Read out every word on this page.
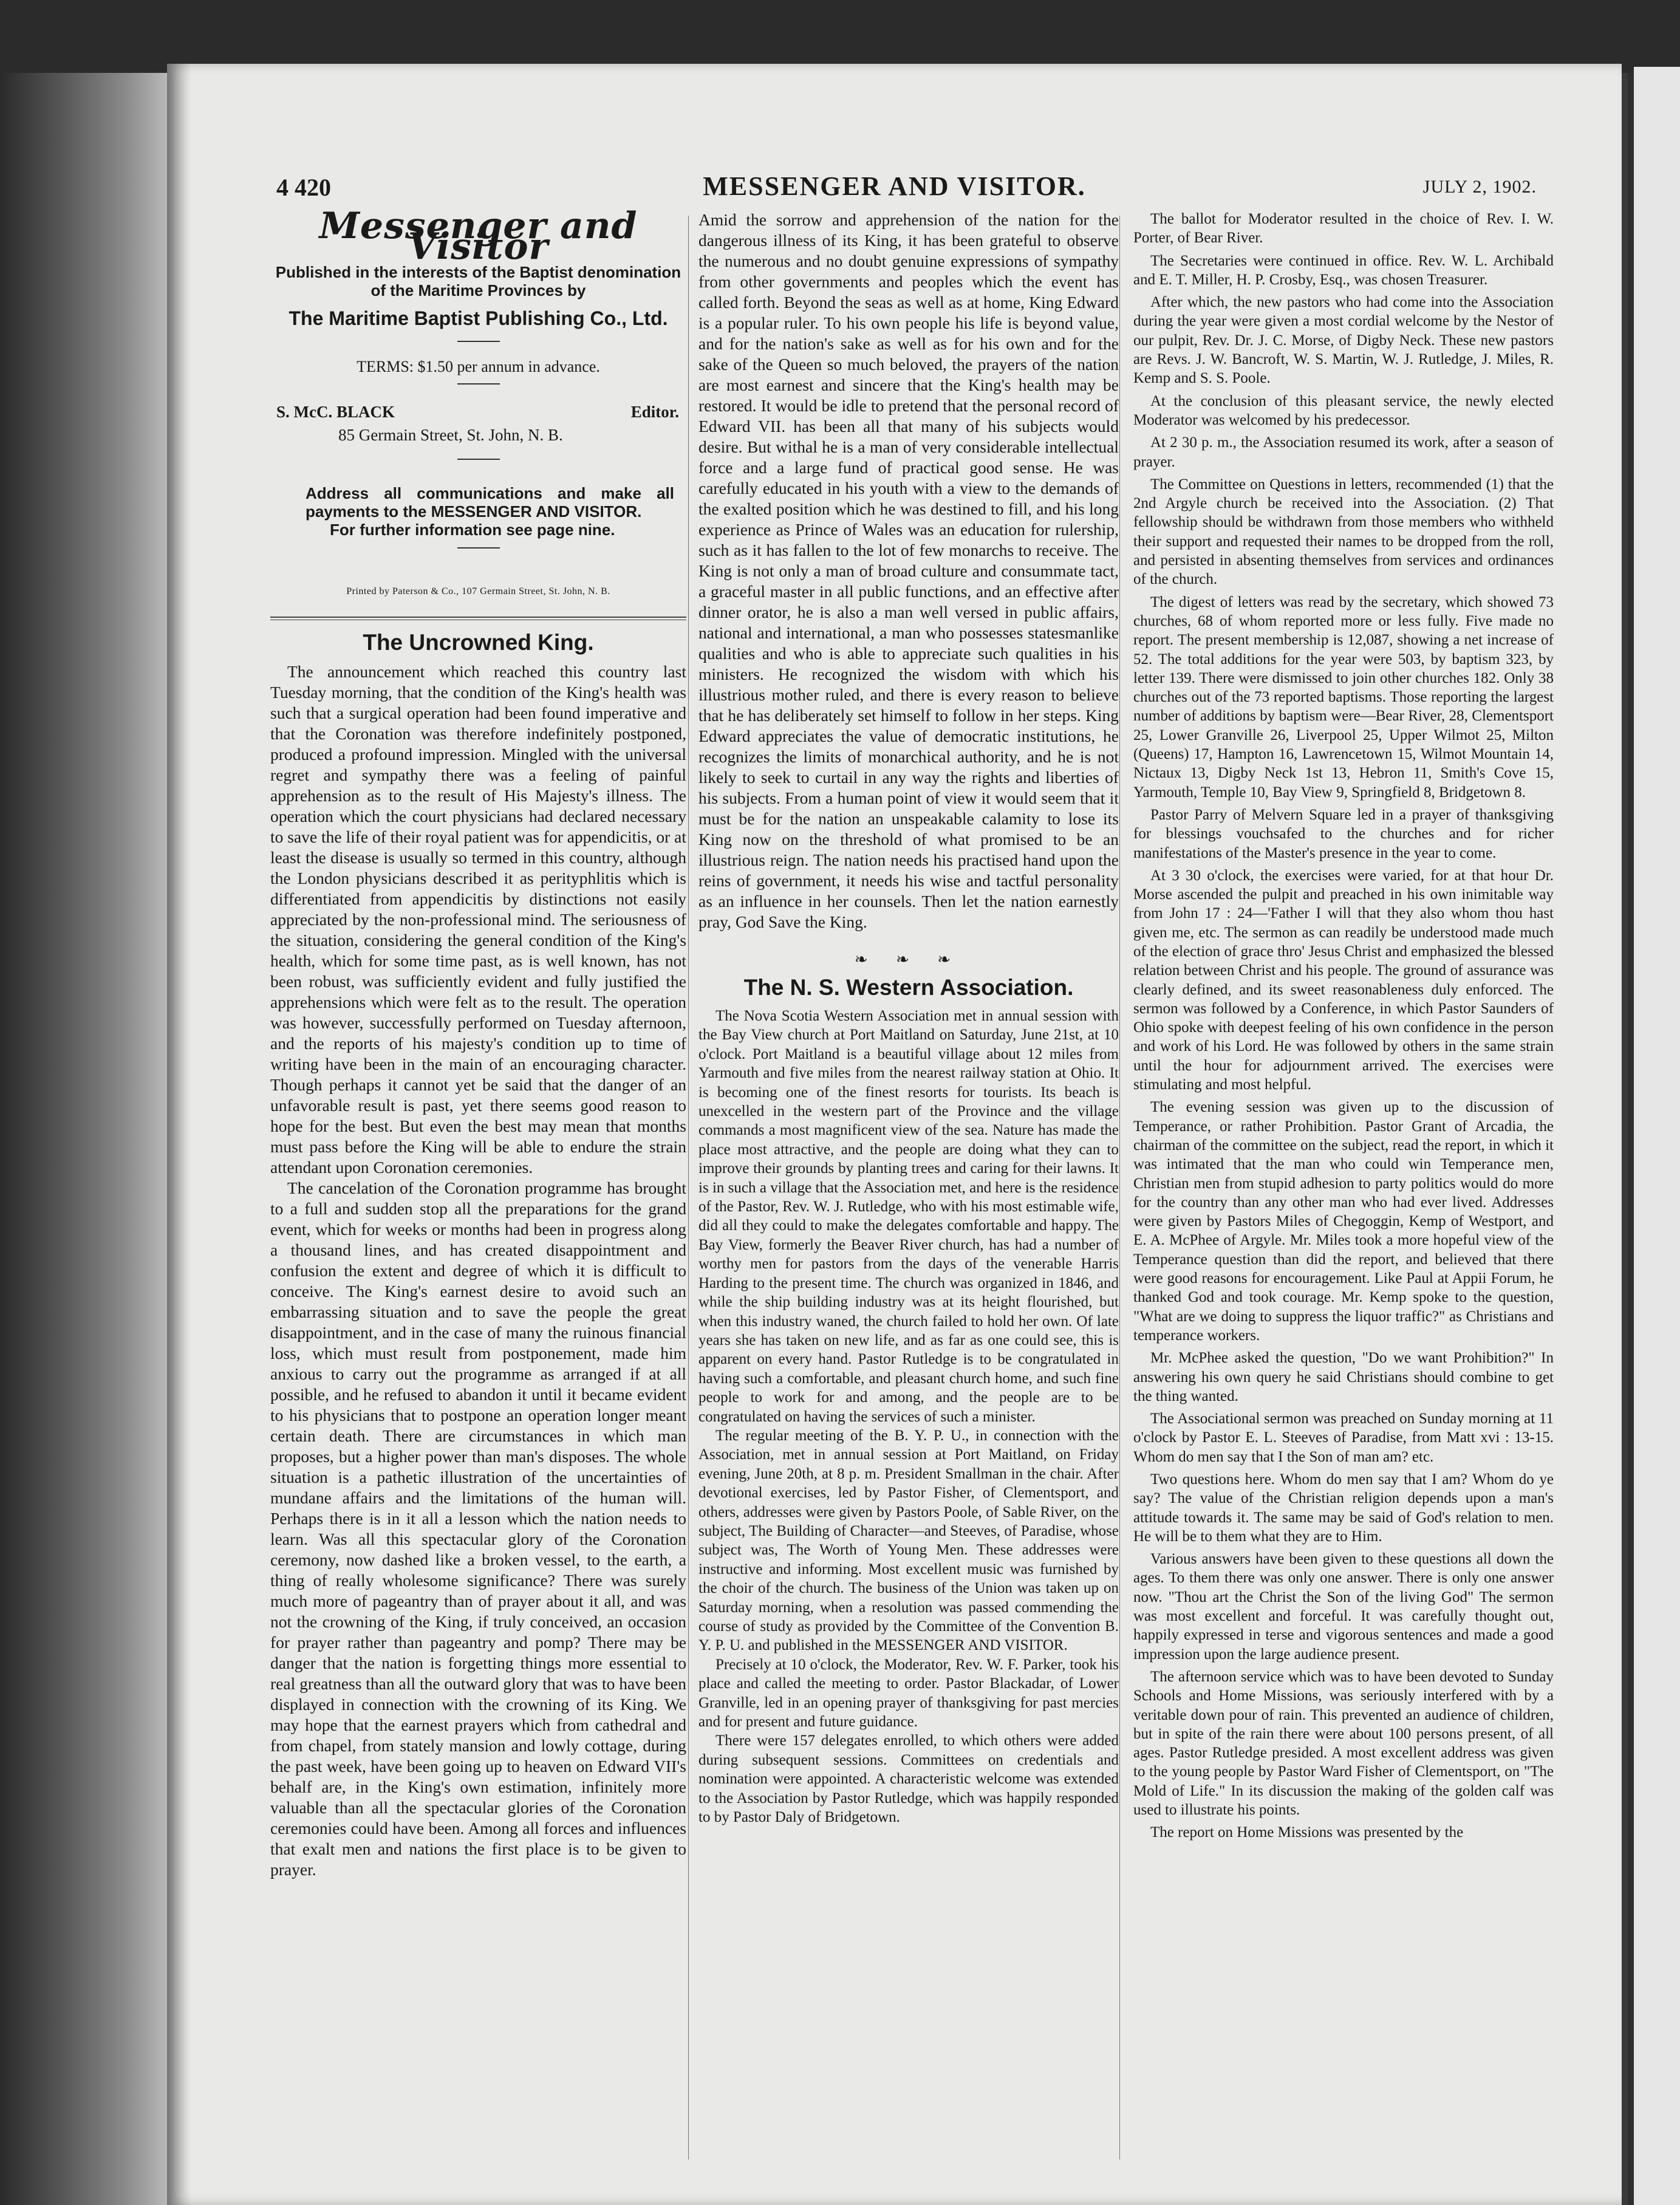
4 420	MESSENGER AND VISITOR.	JULY 2, 1902.
Messenger and Visitor
Published in the interests of the Baptist denomination of the Maritime Provinces by
The Maritime Baptist Publishing Co., Ltd.
TERMS: $1.50 per annum in advance.
S. McC. BLACK	Editor.
85 Germain Street, St. John, N. B.
Address all communications and make all payments to the MESSENGER AND VISITOR.
For further information see page nine.
Printed by Paterson & Co., 107 Germain Street, St. John, N. B.
The Uncrowned King.

The announcement which reached this country last Tuesday morning, that the condition of the King's health was such that a surgical operation had been found imperative and that the Coronation was therefore indefinitely postponed, produced a profound impression. Mingled with the universal regret and sympathy there was a feeling of painful apprehension as to the result of His Majesty's illness. The operation which the court physicians had declared necessary to save the life of their royal patient was for appendicitis, or at least the disease is usually so termed in this country, although the London physicians described it as perityphlitis which is differentiated from appendicitis by distinctions not easily appreciated by the non-professional mind. The seriousness of the situation, considering the general condition of the King's health, which for some time past, as is well known, has not been robust, was sufficiently evident and fully justified the apprehensions which were felt as to the result. The operation was however, successfully performed on Tuesday afternoon, and the reports of his majesty's condition up to time of writing have been in the main of an encouraging character. Though perhaps it cannot yet be said that the danger of an unfavorable result is past, yet there seems good reason to hope for the best. But even the best may mean that months must pass before the King will be able to endure the strain attendant upon Coronation ceremonies.

The cancelation of the Coronation programme has brought to a full and sudden stop all the preparations for the grand event, which for weeks or months had been in progress along a thousand lines, and has created disappointment and confusion the extent and degree of which it is difficult to conceive. The King's earnest desire to avoid such an embarrassing situation and to save the people the great disappointment, and in the case of many the ruinous financial loss, which must result from postponement, made him anxious to carry out the programme as arranged if at all possible, and he refused to abandon it until it became evident to his physicians that to postpone an operation longer meant certain death. There are circumstances in which man proposes, but a higher power than man's disposes. The whole situation is a pathetic illustration of the uncertainties of mundane affairs and the limitations of the human will. Perhaps there is in it all a lesson which the nation needs to learn. Was all this spectacular glory of the Coronation ceremony, now dashed like a broken vessel, to the earth, a thing of really wholesome significance? There was surely much more of pageantry than of prayer about it all, and was not the crowning of the King, if truly conceived, an occasion for prayer rather than pageantry and pomp? There may be danger that the nation is forgetting things more essential to real greatness than all the outward glory that was to have been displayed in connection with the crowning of its King. We may hope that the earnest prayers which from cathedral and from chapel, from stately mansion and lowly cottage, during the past week, have been going up to heaven on Edward VII's behalf are, in the King's own estimation, infinitely more valuable than all the spectacular glories of the Coronation ceremonies could have been. Among all forces and influences that exalt men and nations the first place is to be given to prayer.

Amid the sorrow and apprehension of the nation for the dangerous illness of its King, it has been grateful to observe the numerous and no doubt genuine expressions of sympathy from other governments and peoples which the event has called forth. Beyond the seas as well as at home, King Edward is a popular ruler. To his own people his life is beyond value, and for the nation's sake as well as for his own and for the sake of the Queen so much beloved, the prayers of the nation are most earnest and sincere that the King's health may be restored. It would be idle to pretend that the personal record of Edward VII. has been all that many of his subjects would desire. But withal he is a man of very considerable intellectual force and a large fund of practical good sense. He was carefully educated in his youth with a view to the demands of the exalted position which he was destined to fill, and his long experience as Prince of Wales was an education for rulership, such as it has fallen to the lot of few monarchs to receive. The King is not only a man of broad culture and consummate tact, a graceful master in all public functions, and an effective after dinner orator, he is also a man well versed in public affairs, national and international, a man who possesses statesmanlike qualities and who is able to appreciate such qualities in his ministers. He recognized the wisdom with which his illustrious mother ruled, and there is every reason to believe that he has deliberately set himself to follow in her steps. King Edward appreciates the value of democratic institutions, he recognizes the limits of monarchical authority, and he is not likely to seek to curtail in any way the rights and liberties of his subjects. From a human point of view it would seem that it must be for the nation an unspeakable calamity to lose its King now on the threshold of what promised to be an illustrious reign. The nation needs his practised hand upon the reins of government, it needs his wise and tactful personality as an influence in her counsels. Then let the nation earnestly pray, God Save the King.

❧ ❧ ❧
The N. S. Western Association.

The Nova Scotia Western Association met in annual session with the Bay View church at Port Maitland on Saturday, June 21st, at 10 o'clock. Port Maitland is a beautiful village about 12 miles from Yarmouth and five miles from the nearest railway station at Ohio. It is becoming one of the finest resorts for tourists. Its beach is unexcelled in the western part of the Province and the village commands a most magnificent view of the sea. Nature has made the place most attractive, and the people are doing what they can to improve their grounds by planting trees and caring for their lawns. It is in such a village that the Association met, and here is the residence of the Pastor, Rev. W. J. Rutledge, who with his most estimable wife, did all they could to make the delegates comfortable and happy. The Bay View, formerly the Beaver River church, has had a number of worthy men for pastors from the days of the venerable Harris Harding to the present time. The church was organized in 1846, and while the ship building industry was at its height flourished, but when this industry waned, the church failed to hold her own. Of late years she has taken on new life, and as far as one could see, this is apparent on every hand. Pastor Rutledge is to be congratulated in having such a comfortable, and pleasant church home, and such fine people to work for and among, and the people are to be congratulated on having the services of such a minister.

The regular meeting of the B. Y. P. U., in connection with the Association, met in annual session at Port Maitland, on Friday evening, June 20th, at 8 p. m. President Smallman in the chair. After devotional exercises, led by Pastor Fisher, of Clementsport, and others, addresses were given by Pastors Poole, of Sable River, on the subject, The Building of Character—and Steeves, of Paradise, whose subject was, The Worth of Young Men. These addresses were instructive and informing. Most excellent music was furnished by the choir of the church. The business of the Union was taken up on Saturday morning, when a resolution was passed commending the course of study as provided by the Committee of the Convention B. Y. P. U. and published in the MESSENGER AND VISITOR.

Precisely at 10 o'clock, the Moderator, Rev. W. F. Parker, took his place and called the meeting to order. Pastor Blackadar, of Lower Granville, led in an opening prayer of thanksgiving for past mercies and for present and future guidance.

There were 157 delegates enrolled, to which others were added during subsequent sessions. Committees on credentials and nomination were appointed. A characteristic welcome was extended to the Association by Pastor Rutledge, which was happily responded to by Pastor Daly of Bridgetown.

The ballot for Moderator resulted in the choice of Rev. I. W. Porter, of Bear River.

The Secretaries were continued in office. Rev. W. L. Archibald and E. T. Miller, H. P. Crosby, Esq., was chosen Treasurer.

After which, the new pastors who had come into the Association during the year were given a most cordial welcome by the Nestor of our pulpit, Rev. Dr. J. C. Morse, of Digby Neck. These new pastors are Revs. J. W. Bancroft, W. S. Martin, W. J. Rutledge, J. Miles, R. Kemp and S. S. Poole.

At the conclusion of this pleasant service, the newly elected Moderator was welcomed by his predecessor.

At 2 30 p. m., the Association resumed its work, after a season of prayer.

The Committee on Questions in letters, recommended (1) that the 2nd Argyle church be received into the Association. (2) That fellowship should be withdrawn from those members who withheld their support and requested their names to be dropped from the roll, and persisted in absenting themselves from services and ordinances of the church.

The digest of letters was read by the secretary, which showed 73 churches, 68 of whom reported more or less fully. Five made no report. The present membership is 12,087, showing a net increase of 52. The total additions for the year were 503, by baptism 323, by letter 139. There were dismissed to join other churches 182. Only 38 churches out of the 73 reported baptisms. Those reporting the largest number of additions by baptism were—Bear River, 28, Clementsport 25, Lower Granville 26, Liverpool 25, Upper Wilmot 25, Milton (Queens) 17, Hampton 16, Lawrencetown 15, Wilmot Mountain 14, Nictaux 13, Digby Neck 1st 13, Hebron 11, Smith's Cove 15, Yarmouth, Temple 10, Bay View 9, Springfield 8, Bridgetown 8.

Pastor Parry of Melvern Square led in a prayer of thanksgiving for blessings vouchsafed to the churches and for richer manifestations of the Master's presence in the year to come.

At 3 30 o'clock, the exercises were varied, for at that hour Dr. Morse ascended the pulpit and preached in his own inimitable way from John 17 : 24—'Father I will that they also whom thou hast given me, etc. The sermon as can readily be understood made much of the election of grace thro' Jesus Christ and emphasized the blessed relation between Christ and his people. The ground of assurance was clearly defined, and its sweet reasonableness duly enforced. The sermon was followed by a Conference, in which Pastor Saunders of Ohio spoke with deepest feeling of his own confidence in the person and work of his Lord. He was followed by others in the same strain until the hour for adjournment arrived. The exercises were stimulating and most helpful.

The evening session was given up to the discussion of Temperance, or rather Prohibition. Pastor Grant of Arcadia, the chairman of the committee on the subject, read the report, in which it was intimated that the man who could win Temperance men, Christian men from stupid adhesion to party politics would do more for the country than any other man who had ever lived. Addresses were given by Pastors Miles of Chegoggin, Kemp of Westport, and E. A. McPhee of Argyle. Mr. Miles took a more hopeful view of the Temperance question than did the report, and believed that there were good reasons for encouragement. Like Paul at Appii Forum, he thanked God and took courage. Mr. Kemp spoke to the question, "What are we doing to suppress the liquor traffic?" as Christians and temperance workers.

Mr. McPhee asked the question, "Do we want Prohibition?" In answering his own query he said Christians should combine to get the thing wanted.

The Associational sermon was preached on Sunday morning at 11 o'clock by Pastor E. L. Steeves of Paradise, from Matt xvi : 13-15. Whom do men say that I the Son of man am? etc.

Two questions here. Whom do men say that I am? Whom do ye say? The value of the Christian religion depends upon a man's attitude towards it. The same may be said of God's relation to men. He will be to them what they are to Him.

Various answers have been given to these questions all down the ages. To them there was only one answer. There is only one answer now. "Thou art the Christ the Son of the living God" The sermon was most excellent and forceful. It was carefully thought out, happily expressed in terse and vigorous sentences and made a good impression upon the large audience present.

The afternoon service which was to have been devoted to Sunday Schools and Home Missions, was seriously interfered with by a veritable down pour of rain. This prevented an audience of children, but in spite of the rain there were about 100 persons present, of all ages. Pastor Rutledge presided. A most excellent address was given to the young people by Pastor Ward Fisher of Clementsport, on "The Mold of Life." In its discussion the making of the golden calf was used to illustrate his points.

The report on Home Missions was presented by the
